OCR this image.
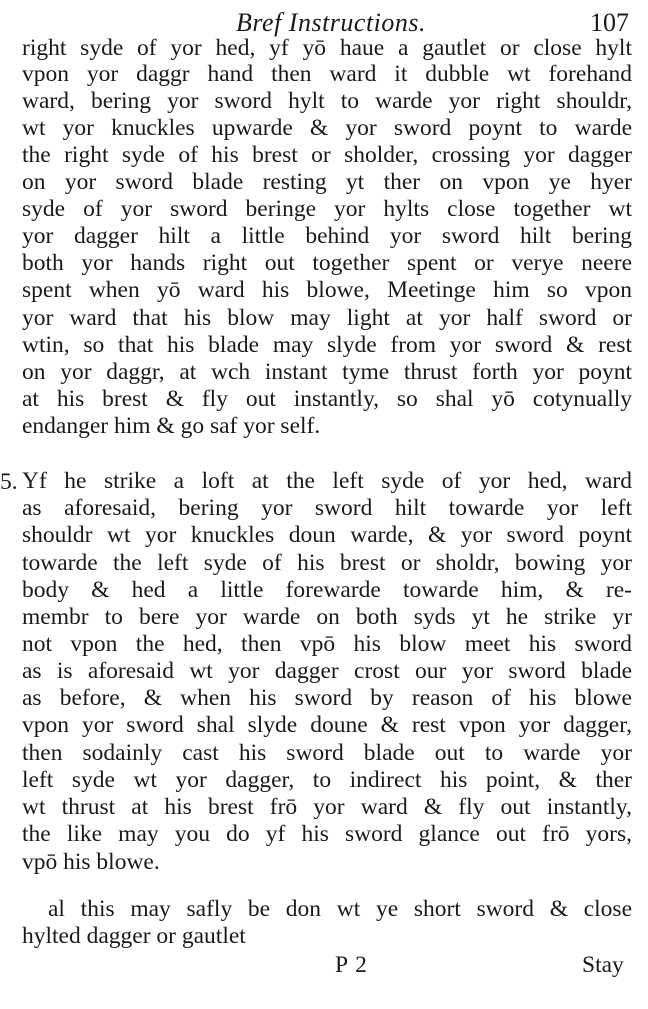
Bref Instructions.	107
right syde of yor hed, yf yō haue a gautlet or close hylt
vpon yor daggr hand then ward it dubble wt forehand
ward, bering yor sword hylt to warde yor right shouldr,
wt yor knuckles upwarde & yor sword poynt to warde
the right syde of his brest or sholder, crossing yor dagger
on yor sword blade resting yt ther on vpon ye hyer
syde of yor sword beringe yor hylts close together wt
yor dagger hilt a little behind yor sword hilt bering
both yor hands right out together spent or verye neere
spent when yō ward his blowe, Meetinge him so vpon
yor ward that his blow may light at yor half sword or
wtin, so that his blade may slyde from yor sword & rest
on yor daggr, at wch instant tyme thrust forth yor poynt
at his brest & fly out instantly, so shal yō cotynually
endanger him & go saf yor self.
Yf he strike a loft at the left syde of yor hed, ward
as aforesaid, bering yor sword hilt towarde yor left
shouldr wt yor knuckles doun warde, & yor sword poynt
towarde the left syde of his brest or sholdr, bowing yor
body & hed a little forewarde towarde him, & re-
membr to bere yor warde on both syds yt he strike yr
not vpon the hed, then vpō his blow meet his sword
as is aforesaid wt yor dagger crost our yor sword blade
as before, & when his sword by reason of his blowe
vpon yor sword shal slyde doune & rest vpon yor dagger,
then sodainly cast his sword blade out to warde yor
left syde wt yor dagger, to indirect his point, & ther
wt thrust at his brest frō yor ward & fly out instantly,
the like may you do yf his sword glance out frō yors,
vpō his blowe.
al this may safly be don wt ye short sword & close
hylted dagger or gautlet
5.
P 2	Stay
